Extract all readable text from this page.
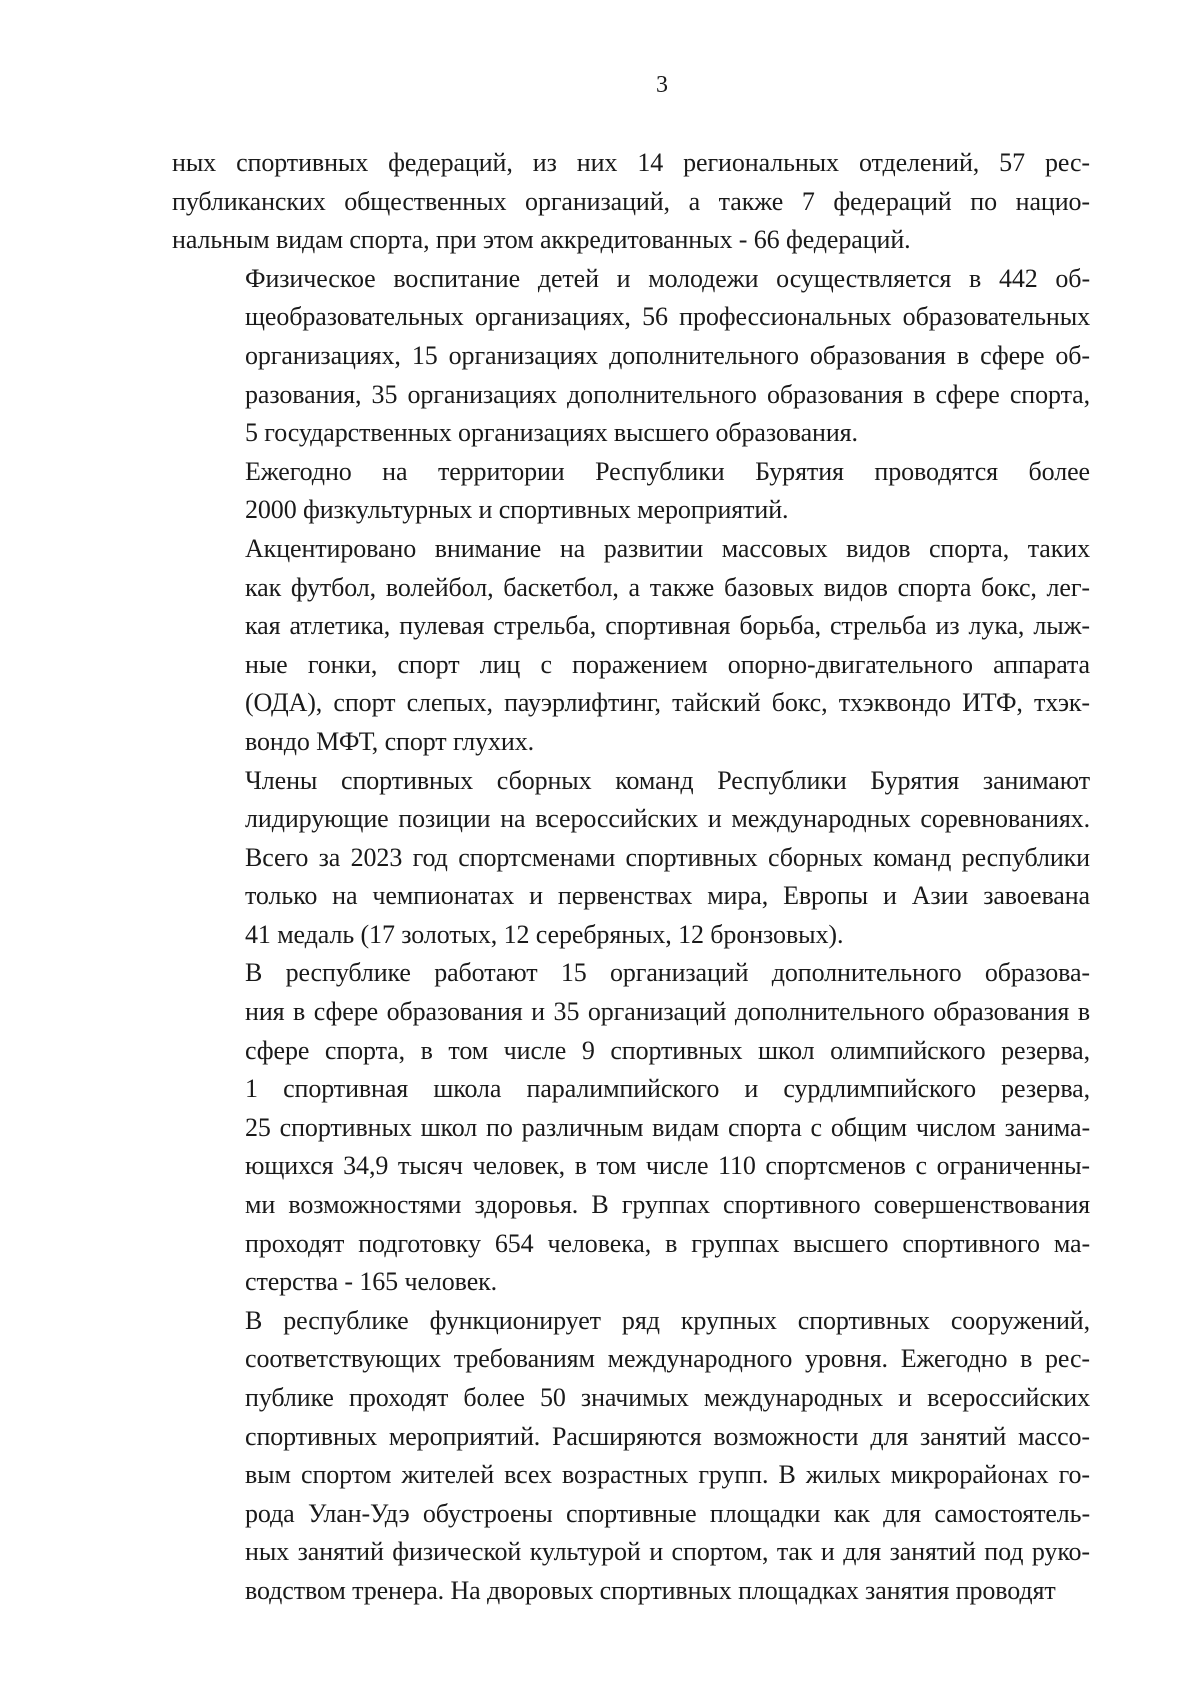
3

ных спортивных федераций, из них 14 региональных отделений, 57 рес-
публиканских общественных организаций, а также 7 федераций по нацио-
нальным видам спорта, при этом аккредитованных - 66 федераций.

Физическое воспитание детей и молодежи осуществляется в 442 об-
щеобразовательных организациях, 56 профессиональных образовательных
организациях, 15 организациях дополнительного образования в сфере об-
разования, 35 организациях дополнительного образования в сфере спорта,
5 государственных организациях высшего образования.

Ежегодно на территории Республики Бурятия проводятся более
2000 физкультурных и спортивных мероприятий.

Акцентировано внимание на развитии массовых видов спорта, таких
как футбол, волейбол, баскетбол, а также базовых видов спорта бокс, лег-
кая атлетика, пулевая стрельба, спортивная борьба, стрельба из лука, лыж-
ные гонки, спорт лиц с поражением опорно-двигательного аппарата
(ОДА), спорт слепых, пауэрлифтинг, тайский бокс, тхэквондо ИТФ, тхэк-
вондо МФТ, спорт глухих.

Члены спортивных сборных команд Республики Бурятия занимают
лидирующие позиции на всероссийских и международных соревнованиях.
Всего за 2023 год спортсменами спортивных сборных команд республики
только на чемпионатах и первенствах мира, Европы и Азии завоевана
41 медаль (17 золотых, 12 серебряных, 12 бронзовых).

В республике работают 15 организаций дополнительного образова-
ния в сфере образования и 35 организаций дополнительного образования в
сфере спорта, в том числе 9 спортивных школ олимпийского резерва,
1 спортивная школа паралимпийского и сурдлимпийского резерва,
25 спортивных школ по различным видам спорта с общим числом занима-
ющихся 34,9 тысяч человек, в том числе 110 спортсменов с ограниченны-
ми возможностями здоровья. В группах спортивного совершенствования
проходят подготовку 654 человека, в группах высшего спортивного ма-
стерства - 165 человек.

В республике функционирует ряд крупных спортивных сооружений,
соответствующих требованиям международного уровня. Ежегодно в рес-
публике проходят более 50 значимых международных и всероссийских
спортивных мероприятий. Расширяются возможности для занятий массо-
вым спортом жителей всех возрастных групп. В жилых микрорайонах го-
рода Улан-Удэ обустроены спортивные площадки как для самостоятель-
ных занятий физической культурой и спортом, так и для занятий под руко-
водством тренера. На дворовых спортивных площадках занятия проводят
